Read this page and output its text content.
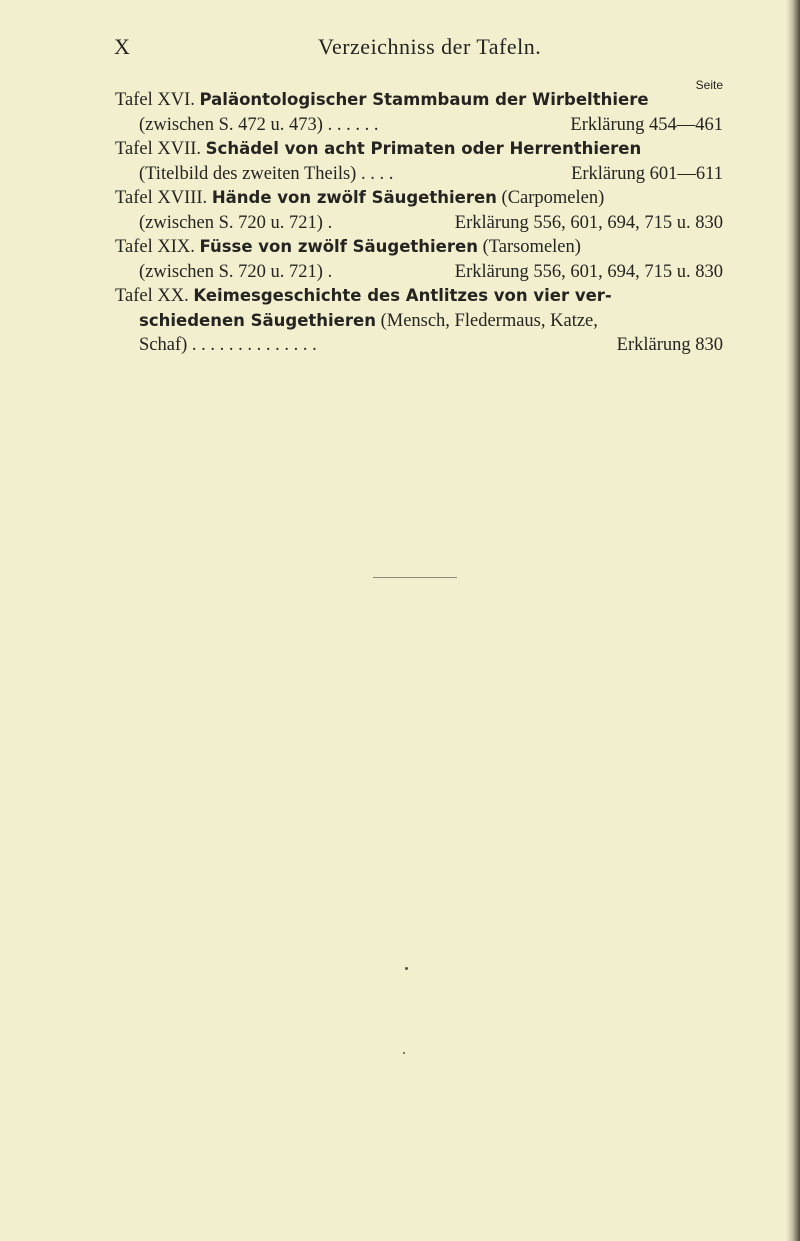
X	Verzeichniss der Tafeln.
Seite
Tafel XVI. Paläontologischer Stammbaum der Wirbelthiere
(zwischen S. 472 u. 473) . . . . . .	Erklärung 454—461
Tafel XVII. Schädel von acht Primaten oder Herrenthieren
(Titelbild des zweiten Theils) . . . .	Erklärung 601—611
Tafel XVIII. Hände von zwölf Säugethieren (Carpomelen)
(zwischen S. 720 u. 721) .	Erklärung 556, 601, 694, 715 u. 830
Tafel XIX. Füsse von zwölf Säugethieren (Tarsomelen)
(zwischen S. 720 u. 721) .	Erklärung 556, 601, 694, 715 u. 830
Tafel XX. Keimesgeschichte des Antlitzes von vier ver-
schiedenen Säugethieren (Mensch, Fledermaus, Katze,
Schaf) . . . . . . . . . . . . . .	Erklärung 830
